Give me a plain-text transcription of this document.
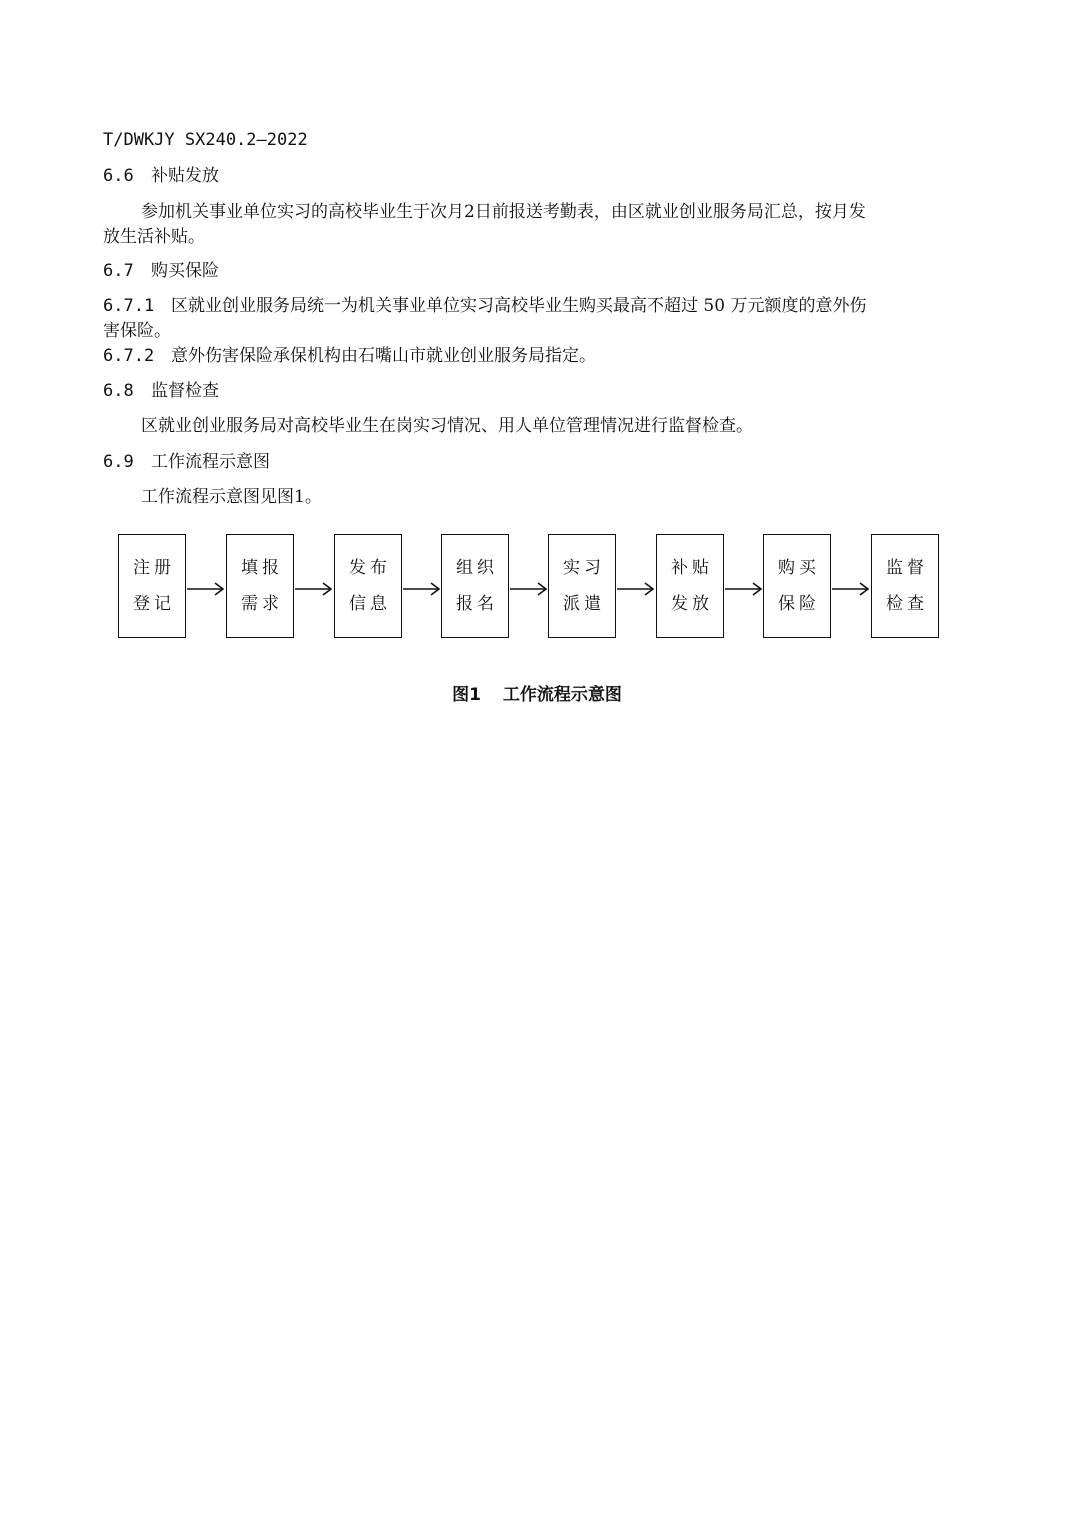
T/DWKJY SX240.2—2022
6.6 补贴发放
参加机关事业单位实习的高校毕业生于次月2日前报送考勤表，由区就业创业服务局汇总，按月发
放生活补贴。
6.7 购买保险
6.7.1 区就业创业服务局统一为机关事业单位实习高校毕业生购买最高不超过 50 万元额度的意外伤
害保险。
6.7.2 意外伤害保险承保机构由石嘴山市就业创业服务局指定。
6.8 监督检查
区就业创业服务局对高校毕业生在岗实习情况、用人单位管理情况进行监督检查。
6.9 工作流程示意图
工作流程示意图见图1。
注册
登记
填报
需求
发布
信息
组织
报名
实习
派遣
补贴
发放
购买
保险
监督
检查
图1 工作流程示意图
